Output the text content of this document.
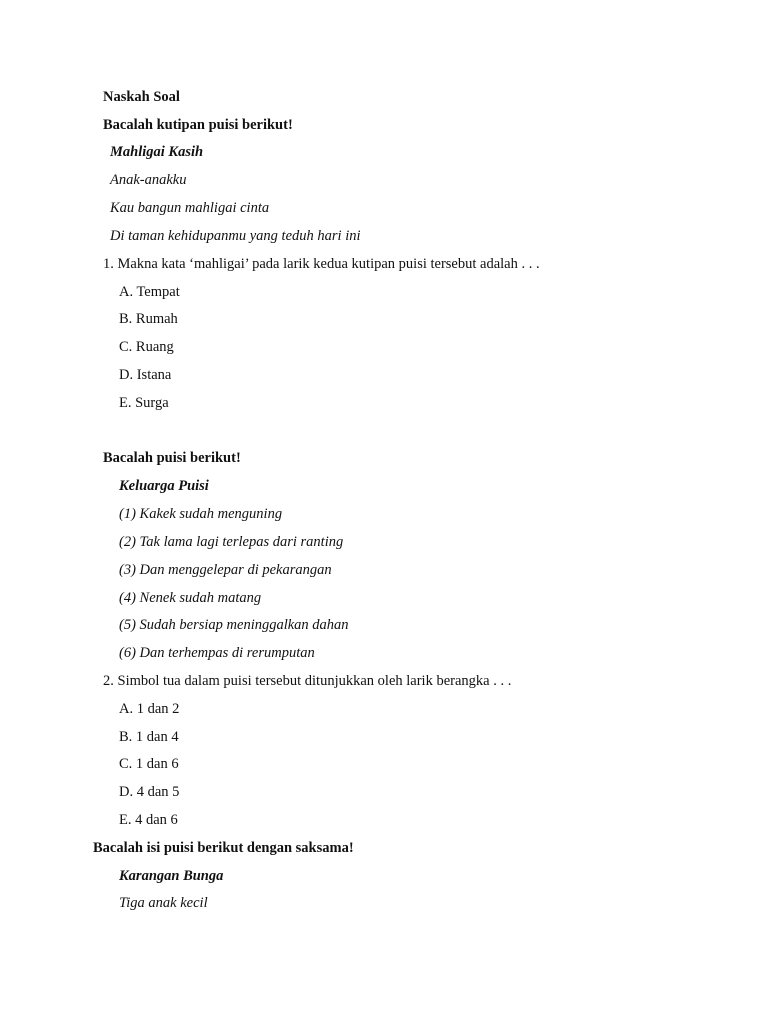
Naskah Soal
Bacalah kutipan puisi berikut!
Mahligai Kasih
Anak-anakku
Kau bangun mahligai cinta
Di taman kehidupanmu yang teduh hari ini
1. Makna kata ‘mahligai’ pada larik kedua kutipan puisi tersebut adalah . . .
A. Tempat
B. Rumah
C. Ruang
D. Istana
E. Surga
Bacalah puisi berikut!
Keluarga Puisi
(1) Kakek sudah menguning
(2) Tak lama lagi terlepas dari ranting
(3) Dan menggelepar di pekarangan
(4) Nenek sudah matang
(5) Sudah bersiap meninggalkan dahan
(6) Dan terhempas di rerumputan
2. Simbol tua dalam puisi tersebut ditunjukkan oleh larik berangka . . .
A. 1 dan 2
B. 1 dan 4
C. 1 dan 6
D. 4 dan 5
E. 4 dan 6
Bacalah isi puisi berikut dengan saksama!
Karangan Bunga
Tiga anak kecil
